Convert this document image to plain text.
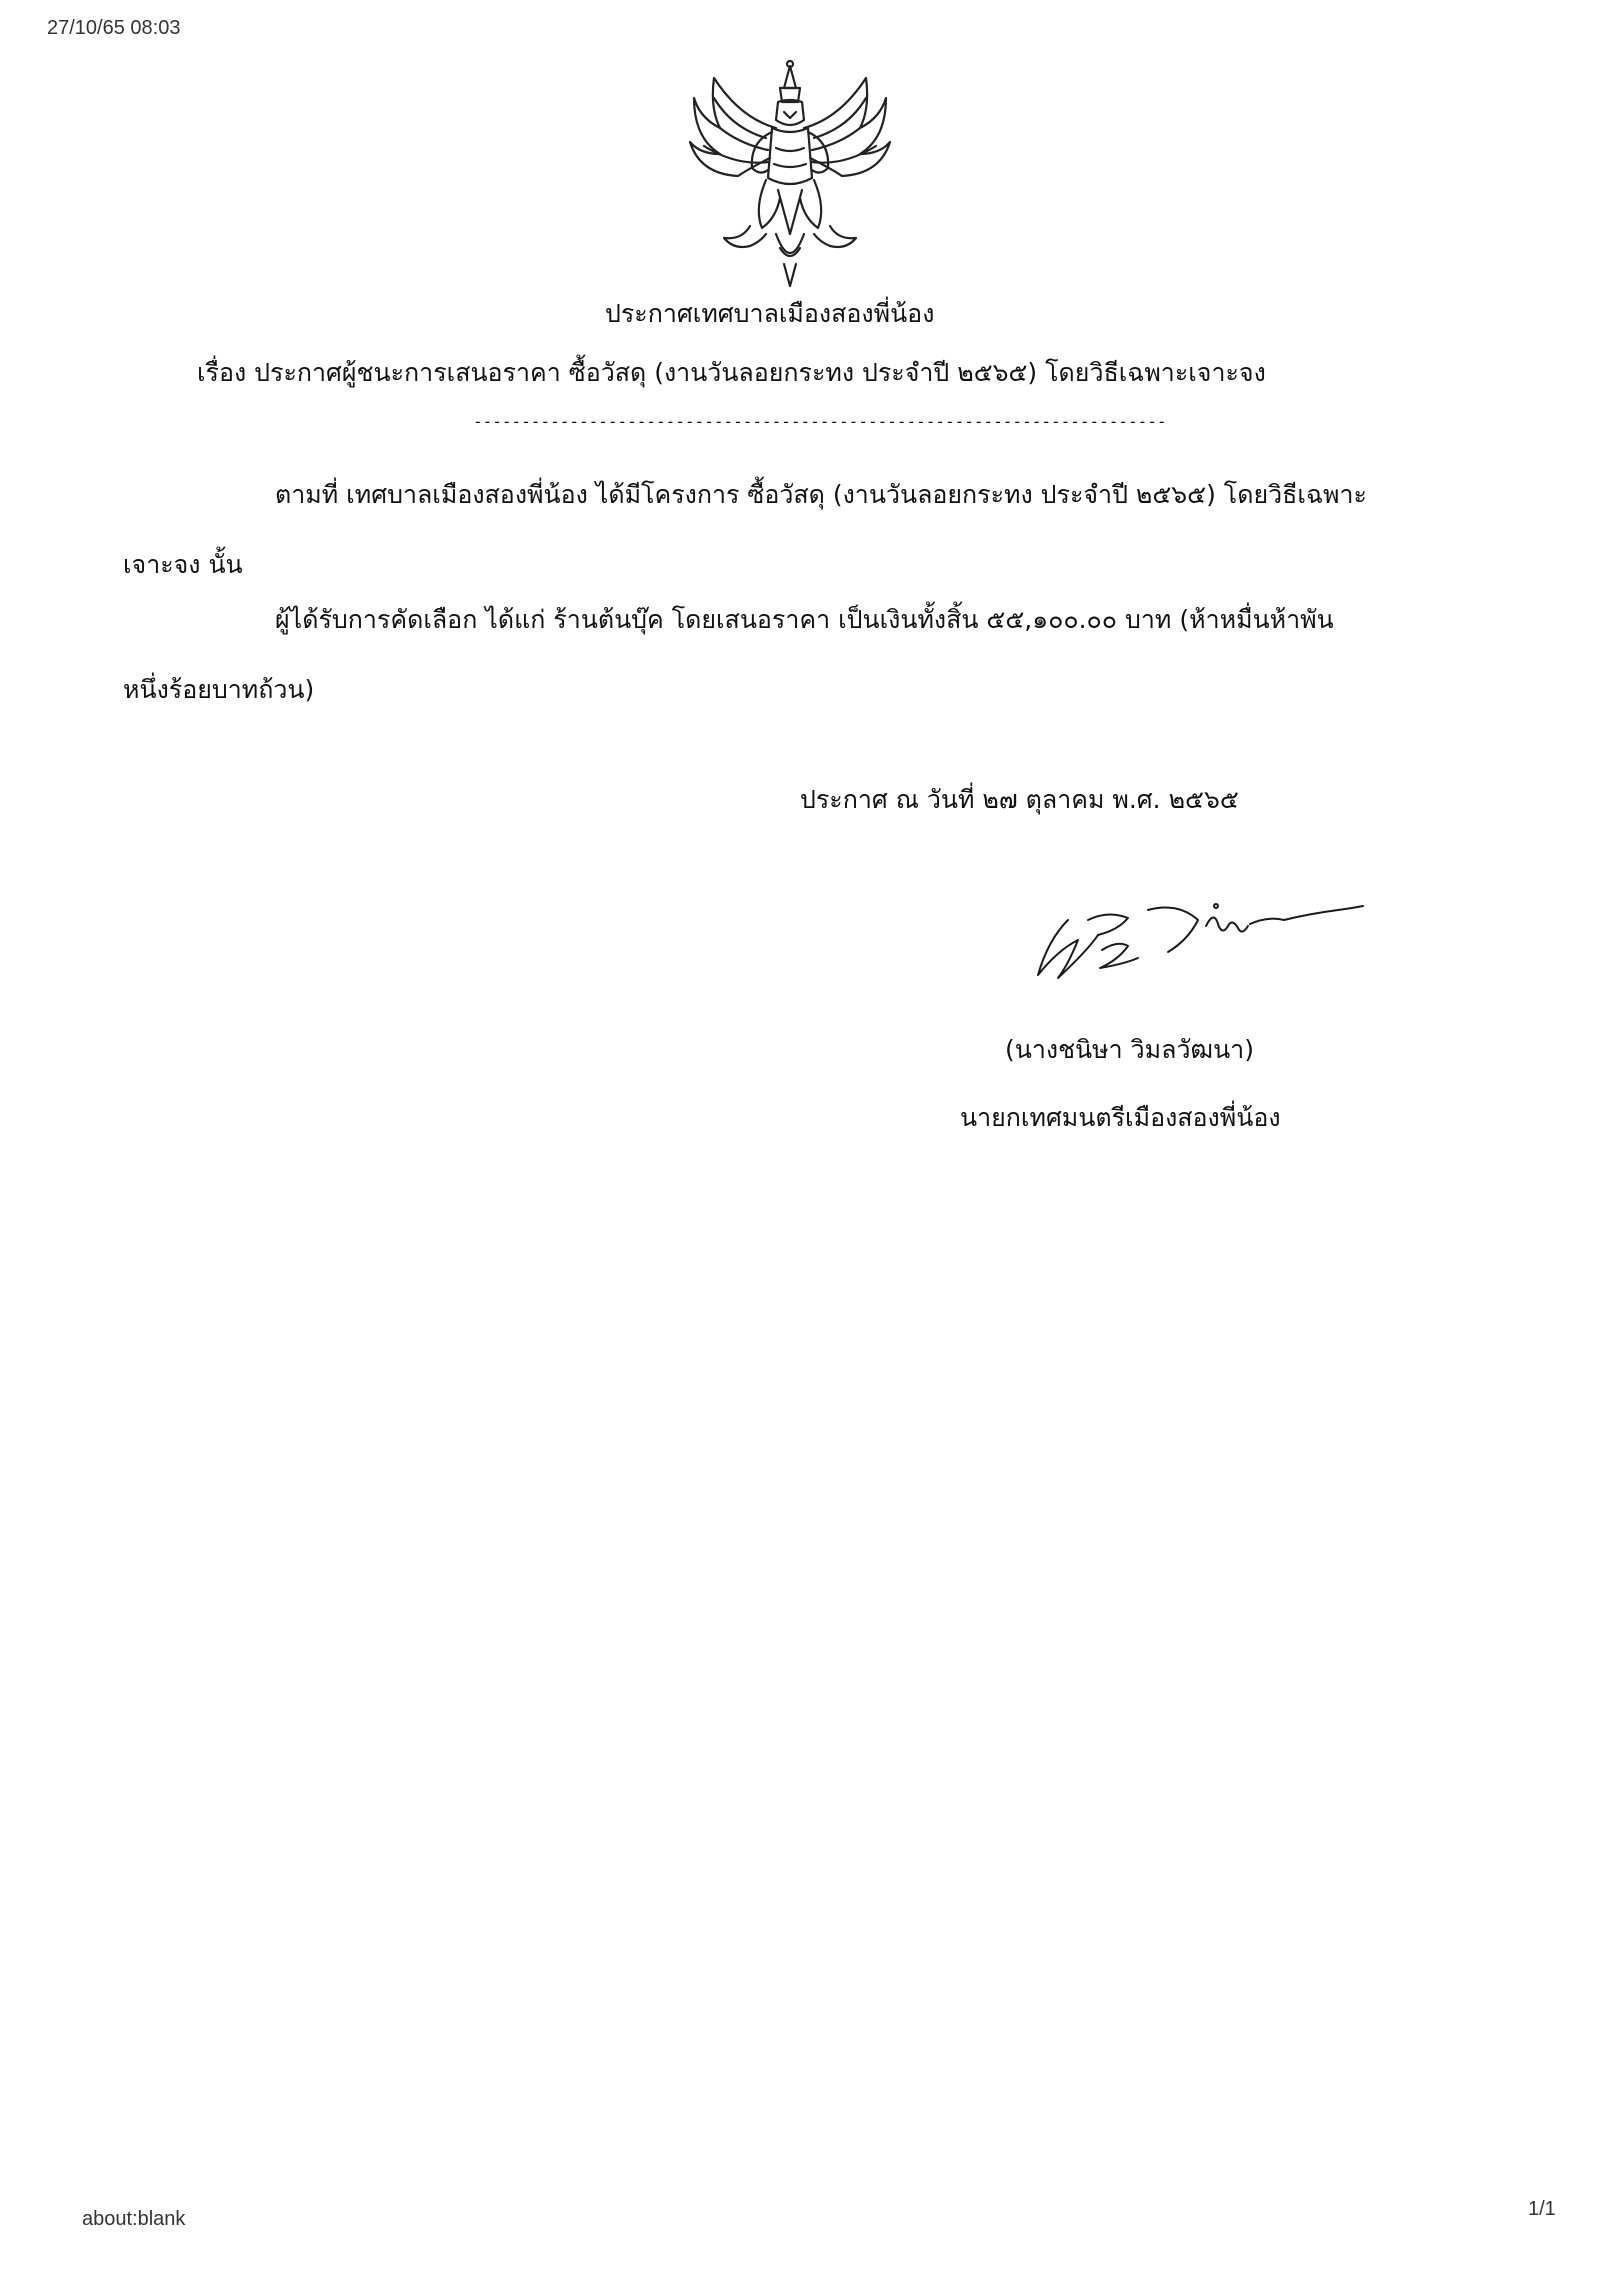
27/10/65 08:03
ประกาศเทศบาลเมืองสองพี่น้อง
เรื่อง ประกาศผู้ชนะการเสนอราคา ซื้อวัสดุ (งานวันลอยกระทง ประจำปี ๒๕๖๕) โดยวิธีเฉพาะเจาะจง
------------------------------------------------------------------------
ตามที่ เทศบาลเมืองสองพี่น้อง ได้มีโครงการ ซื้อวัสดุ (งานวันลอยกระทง ประจำปี ๒๕๖๕) โดยวิธีเฉพาะ
เจาะจง นั้น
ผู้ได้รับการคัดเลือก ได้แก่ ร้านต้นบุ๊ค โดยเสนอราคา เป็นเงินทั้งสิ้น ๕๕,๑๐๐.๐๐ บาท (ห้าหมื่นห้าพัน
หนึ่งร้อยบาทถ้วน)
ประกาศ ณ วันที่ ๒๗ ตุลาคม พ.ศ. ๒๕๖๕
(นางชนิษา วิมลวัฒนา)
นายกเทศมนตรีเมืองสองพี่น้อง
about:blank	1/1
